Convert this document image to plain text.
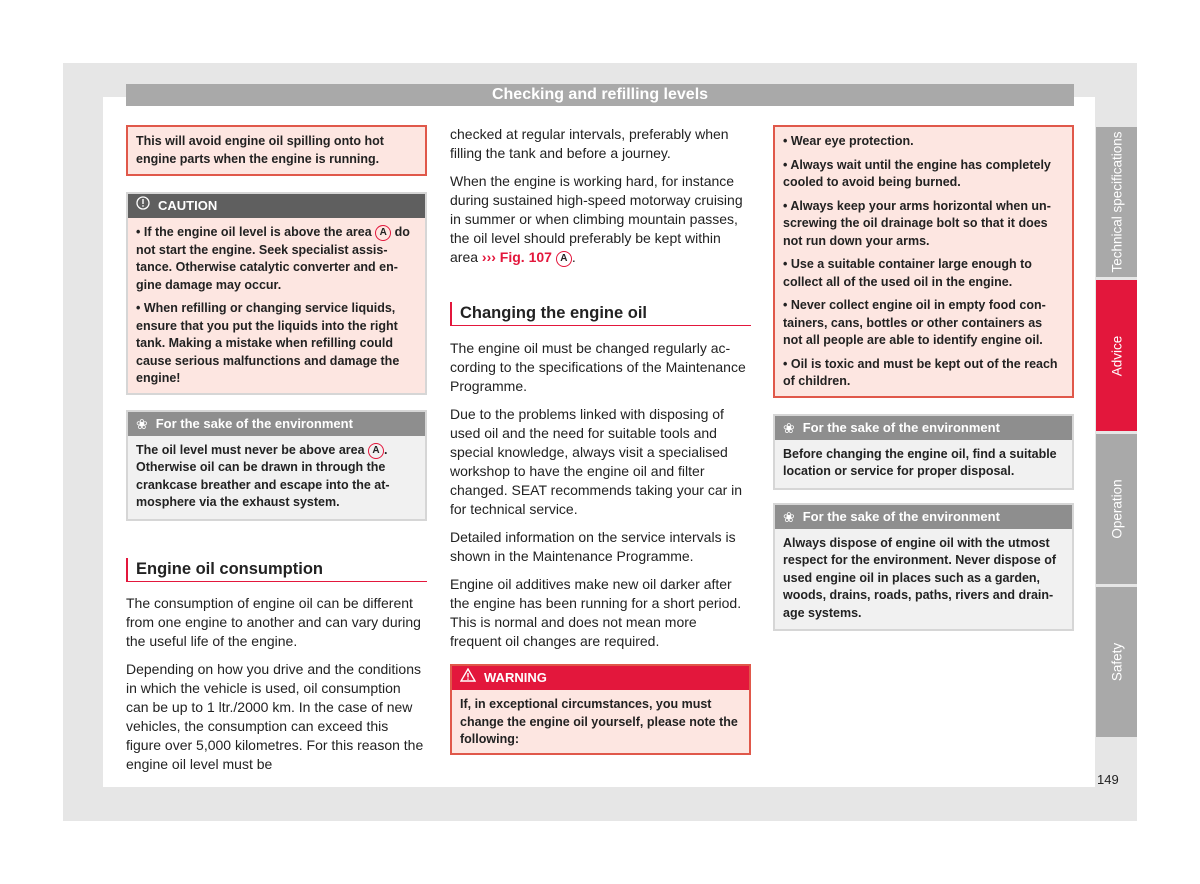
Checking and refilling levels

This will avoid engine oil spilling onto hot engine parts when the engine is running.

CAUTION

• If the engine oil level is above the area A do not start the engine. Seek specialist assistance. Otherwise catalytic converter and engine damage may occur.

• When refilling or changing service liquids, ensure that you put the liquids into the right tank. Making a mistake when refilling could cause serious malfunctions and damage the engine!

❀ For the sake of the environment
The oil level must never be above area A . Otherwise oil can be drawn in through the crankcase breather and escape into the atmosphere via the exhaust system.
Engine oil consumption

The consumption of engine oil can be different from one engine to another and can vary during the useful life of the engine.

Depending on how you drive and the conditions in which the vehicle is used, oil consumption can be up to 1 ltr./2000 km. In the case of new vehicles, the consumption can exceed this figure over 5,000 kilometres. For this reason the engine oil level must be

checked at regular intervals, preferably when filling the tank and before a journey.

When the engine is working hard, for instance during sustained high-speed motorway cruising in summer or when climbing mountain passes, the oil level should preferably be kept within area ››› Fig. 107 A .

Changing the engine oil

The engine oil must be changed regularly according to the specifications of the Maintenance Programme.

Due to the problems linked with disposing of used oil and the need for suitable tools and special knowledge, always visit a specialised workshop to have the engine oil and filter changed. SEAT recommends taking your car in for technical service.

Detailed information on the service intervals is shown in the Maintenance Programme.

Engine oil additives make new oil darker after the engine has been running for a short period. This is normal and does not mean more frequent oil changes are required.

WARNING
If, in exceptional circumstances, you must change the engine oil yourself, please note the following:

• Wear eye protection.

• Always wait until the engine has completely cooled to avoid being burned.

• Always keep your arms horizontal when unscrewing the oil drainage bolt so that it does not run down your arms.

• Use a suitable container large enough to collect all of the used oil in the engine.

• Never collect engine oil in empty food containers, cans, bottles or other containers as not all people are able to identify engine oil.

• Oil is toxic and must be kept out of the reach of children.

❀ For the sake of the environment
Before changing the engine oil, find a suitable location or service for proper disposal.
❀ For the sake of the environment
Always dispose of engine oil with the utmost respect for the environment. Never dispose of used engine oil in places such as a garden, woods, drains, roads, paths, rivers and drainage systems.
Technical specifications
Advice
Operation
Safety
149
